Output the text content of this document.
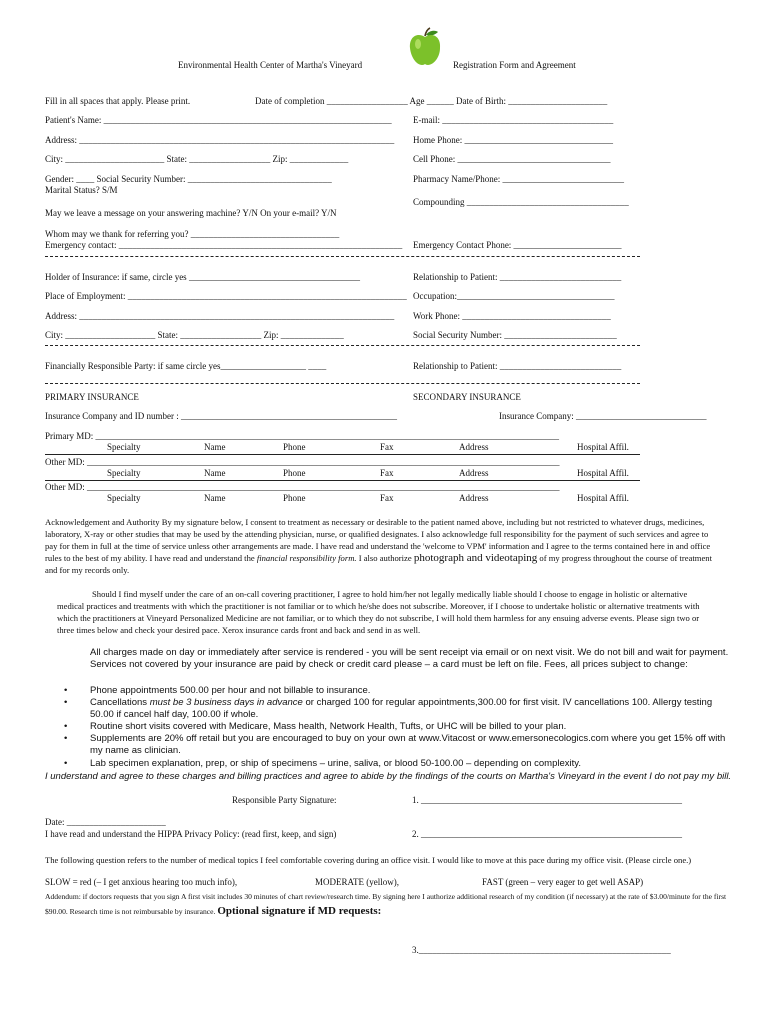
Environmental Health Center of Martha's Vineyard	Registration Form and Agreement
Fill in all spaces that apply. Please print.	Date of completion __________________ Age ______ Date of Birth: ______________________
Patient's Name: ________________________________________________________________ E-mail: ______________________________________
Address: ______________________________________________________________________ Home Phone: _________________________________
City: ______________________ State: __________________ Zip: _____________	Cell Phone: __________________________________
Gender: ____ Social Security Number: ________________________________	Pharmacy Name/Phone: ___________________________
Marital Status? S/M
Compounding ____________________________________
May we leave a message on your answering machine? Y/N On your e-mail? Y/N
Whom may we thank for referring you? _________________________________
Emergency contact: _______________________________________________________________ Emergency Contact Phone: ________________________
Holder of Insurance: if same, circle yes ______________________________________	Relationship to Patient: ___________________________
Place of Employment: ______________________________________________________________ Occupation:___________________________________
Address: ______________________________________________________________________ Work Phone: _________________________________
City: ____________________ State: __________________ Zip: ______________	Social Security Number: _________________________
Financially Responsible Party: if same circle yes___________________ ____	Relationship to Patient: ___________________________
PRIMARY INSURANCE	SECONDARY INSURANCE
Insurance Company and ID number : ________________________________________________	Insurance Company: _____________________________
Primary MD: _______________________________________________________________________________________________________
Specialty	Name	Phone	Fax	Address	Hospital Affil.
Other MD: _________________________________________________________________________________________________________
Specialty	Name	Phone	Fax	Address	Hospital Affil.
Other MD: _________________________________________________________________________________________________________
Specialty	Name	Phone	Fax	Address	Hospital Affil.
Acknowledgement and Authority By my signature below, I consent to treatment as necessary or desirable to the patient named above, including but not restricted to whatever drugs, medicines, laboratory, X-ray or other studies that may be used by the attending physician, nurse, or qualified designates. I also acknowledge full responsibility for the payment of such services and agree to pay for them in full at the time of service unless other arrangements are made. I have read and understand the 'welcome to VPM' information and I agree to the terms contained here in and office rules to the best of my ability. I have read and understand the financial responsibility form. I also authorize photograph and videotaping of my progress throughout the course of treatment and for my records only.
Should I find myself under the care of an on-call covering practitioner, I agree to hold him/her not legally medically liable should I choose to engage in holistic or alternative medical practices and treatments with which the practitioner is not familiar or to which he/she does not subscribe. Moreover, if I choose to undertake holistic or alternative treatments with which the practitioners at Vineyard Personalized Medicine are not familiar, or to which they do not subscribe, I will hold them harmless for any ensuing adverse events. Please sign two or three times below and check your desired pace. Xerox insurance cards front and back and send in as well.
All charges made on day or immediately after service is rendered - you will be sent receipt via email or on next visit. We do not bill and wait for payment. Services not covered by your insurance are paid by check or credit card please – a card must be left on file. Fees, all prices subject to change:
• Phone appointments 500.00 per hour and not billable to insurance.
• Cancellations must be 3 business days in advance or charged 100 for regular appointments,300.00 for first visit. IV cancellations 100. Allergy testing 50.00 if cancel half day, 100.00 if whole.
• Routine short visits covered with Medicare, Mass health, Network Health, Tufts, or UHC will be billed to your plan.
• Supplements are 20% off retail but you are encouraged to buy on your own at www.Vitacost or www.emersonecologics.com where you get 15% off with my name as clinician.
• Lab specimen explanation, prep, or ship of specimens – urine, saliva, or blood 50-100.00 – depending on complexity.
I understand and agree to these charges and billing practices and agree to abide by the findings of the courts on Martha's Vineyard in the event I do not pay my bill.
Responsible Party Signature:	1. __________________________________________________________
Date: ______________________
I have read and understand the HIPPA Privacy Policy: (read first, keep, and sign)	2. __________________________________________________________
The following question refers to the number of medical topics I feel comfortable covering during an office visit. I would like to move at this pace during my office visit. (Please circle one.)
SLOW = red (– I get anxious hearing too much info),	MODERATE (yellow),	FAST (green – very eager to get well ASAP)
Addendum: if doctors requests that you sign A first visit includes 30 minutes of chart review/research time. By signing here I authorize additional research of my condition (if necessary) at the rate of $3.00/minute for the first $90.00. Research time is not reimbursable by insurance. Optional signature if MD requests:
3.________________________________________________________
